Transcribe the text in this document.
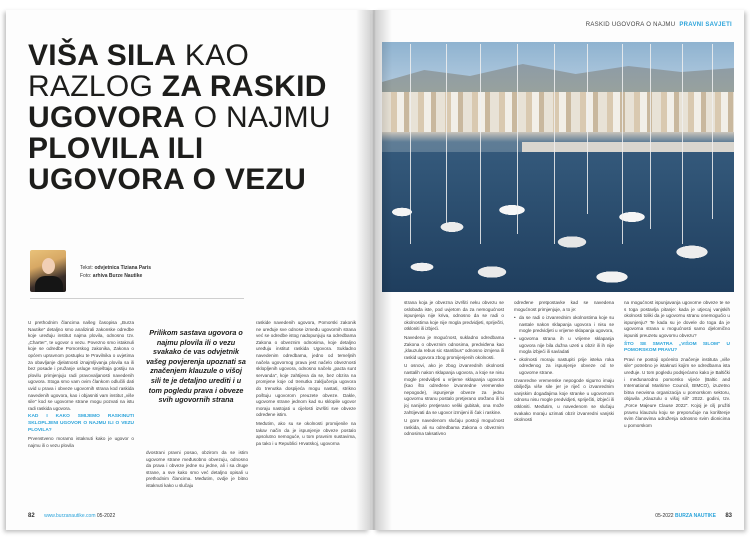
VIŠA SILA KAO RAZLOG ZA RASKID UGOVORA O NAJMU PLOVILA ILI UGOVORA O VEZU
Tekst: odvjetnica Tiziana Paris
Foto: arhiva Burze Nautike

U prethodnim člancima našeg časopisa „Burza Nautike" detaljno smo analizirali zakonske odredbe koje uređuju institut najma plovila, odnosno tzv. „Charter", te ugovor o vezu. Povezno smo istaknuli koje se odredbe Pomorskog zakonika, Zakona o općem upravnom postupku te Pravilnika o uvjetima za obavljanje djelatnosti iznajmljivanja plovila sa ili bez posade i pružanje usluge smještaja gostiju na plovilu primjenjuju radi pravovaljanosti navedenih ugovora. Stoga smo vam ovim člankom odlučili dati uvid u prava i obveze ugovornih strana kod raskida navedenih ugovora, kao i objasniti vam institut „više sile" kod se ugovorne strane mogu pozvati na istu radi raskida ugovora.

KAD I KAKO SMIJEMO RASKINUTI SKLOPLJENI UGOVOR O NAJMU ILI O VEZU PLOVILA?

Prvenstveno moramo istaknuti kako je ugovor o najmu ili o vezu plovila

Prilikom sastava ugovora o najmu plovila ili o vezu svakako će vas odvjetnik vašeg povjerenja upoznati sa značenjem klauzule o višoj sili te je detaljno urediti i u tom pogledu prava i obveze svih ugovornih strana

dvostrani pravni posao, obzirom da se istim ugovorne strane međusobno obvezuju, odnosno da prava i obveze jedne su jedne, ali i sa druge strane, a sve kako smo već detaljno opisali u prethodnim člancima. Međutim, ovdje je bitno istaknuti kako u slučaju

raskide navedenih ugovora, Pomorski zakonik ne uređuje sve odnose između ugovornih strana već se odredbe istog nadopunjuju sa odredbama Zakona o obveznim odnosima, koje detaljno uređuju institut raskida Ugovora. Sukladno navedenim odredbama, jedno od temeljnih načela ugovornog prava jest načelo obveznosti sklopljenih ugovora, odnosno načelo „pacta sunt servanda", koje zahtijeva da se, bez obzira na promjene koje od trenutka zaključenja ugovora do trenutka dospijeća mogu nastati, strikno poštuju ugovorom preuzete obveze. Dakle, ugovorne strane jednom kad su sklopile ugovor moraju nastojati u cijelosti izvršiti sve obveze određene istim.

Međutim, ako su se okolnosti promijenile na takav način da je ispunjenje obveze postalo apsolutno nemoguće, u tom pravnim sustavima, pa tako i u Republici Hrvatskoj, ugovorna

82 www.burzanautike.com 05-2022
RASKID UGOVORA O NAJMU PRAVNI SAVJETI

strana koja je obvezna izvršiti neku obvezu se oslobađa iste, pod uvjetom da za nemogućnost ispunjenja nije kriva, odnosno da se radi o okolnostima koje nije mogla predvidjeti, spriječiti, otkloniti ili izbjeći.

Navedena je mogućnost, sukladno odredbama Zakona o obveznim odnosima, predviđena kao „klauzula rebus sic stantibus" odnosno izmjena ili raskid ugovora zbog promijenjenih okolnosti.

U osnovi, ako je zbog izvanrednih okolnosti nastalih nakon sklapanja ugovora, a koje se nisu mogle predvidjeti u vrijeme sklapanja ugovora (kao što određene izvanredne vremenske nepogode), ispunjenje obveze za jednu ugovornu stranu postalo pretjerano otežano ili bi joj nanijelo pretjerano veliki gubitak, ona može zahtijevati da se ugovor izmijeni ili čak i raskine.

U gore navedenom slučaju postoji mogućnost raskida, ali su odredbama Zakona o obveznim odnosima taksativno

određene pretpostavke kad se navedena mogućnost primjenjuje, a to je:

• da se radi o izvanrednim okolnostima koje su nastale nakon sklapanja ugovora i nisu se mogle predvidjeti u vrijeme sklapanja ugovora,
• ugovorna strana ih u vrijeme sklapanja ugovora nije bila dužna uzeti u obzir ili ih nije mogla izbjeći ili savladati
• okolnosti moraju nastupiti prije isteka roka određenog za ispunjenje obveze od te ugovorne strane.

Izvanredne vremenske nepogode sigurno imaju obilježja više sile jer je riječ o izvanrednim vanjskim događajima koje stranke u ugovornom odnosu nisu mogle predvidjeti, spriječiti, izbjeći ili otkloniti. Međutim, u navedenom se slučaju svakako moraju uzimati obzir izvanredni vanjski okolnosti

na mogućnost ispunjavanja ugovorne obveze te se s toga postavlja pitanje: kada je utjecaj vanjskih okolnosti toliki da je ugovornu stranu onemogućio u ispunjenju? Te kada su je dovele do toga da je ugovorna strana u mogućnosti samo djelomično ispuniti preuzetu ugovornu obvezu?

ŠTO SE SMATRA „VIŠOM SILOM" U POMORSKOM PRAVU?

Pravi ne postoji općenito značenje instituta „više sile" potrebno je istaknuti kojim se odredbama ista uređuje. U tom pogledu podsjećamo kako je Baltički i međunarodno pomorsko vijeće (Baltic and International Maritime Council, BIMCO), izuzetno bitna neovisna organizacija u pomorskom sektoru, objavila „Klauzulu o višoj sili" 2022. godini, tzv. „Force Majeure Clause 2022". Kojoj je cilj pružiti pravnu klauzulu koju se preporučuje na korištenje svim članovima udruženja odnosno svim dionicima u pomorskom

05-2022 BURZA NAUTIKE 83
